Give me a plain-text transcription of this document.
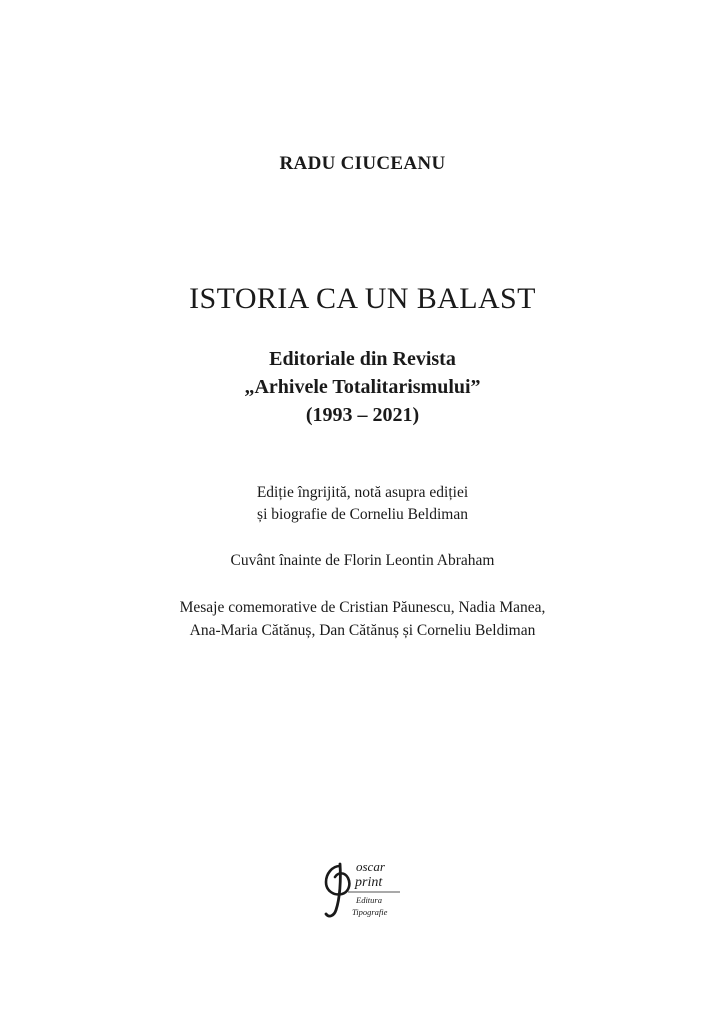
RADU CIUCEANU
ISTORIA CA UN BALAST
Editoriale din Revista
„Arhivele Totalitarismului”
(1993 – 2021)
Ediție îngrijită, notă asupra ediției
și biografie de Corneliu Beldiman
Cuvânt înainte de Florin Leontin Abraham
Mesaje comemorative de Cristian Păunescu, Nadia Manea,
Ana-Maria Cătănuș, Dan Cătănuș și Corneliu Beldiman
oscar
print
Editura
Tipografie
